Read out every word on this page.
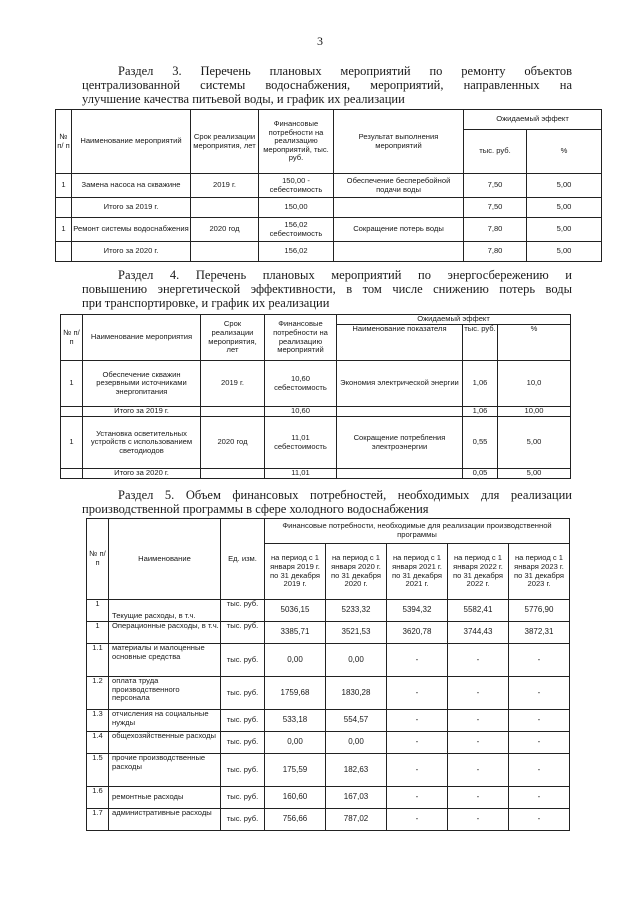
3
Раздел 3. Перечень плановых мероприятий по ремонту объектов
централизованной системы водоснабжения, мероприятий, направленных на
улучшение качества питьевой воды, и график их реализации
№ п/ п	Наименование мероприятий	Срок реализации мероприятия, лет	Финансовые потребности на реализацию мероприятий, тыс. руб.	Результат выполнения мероприятий	Ожидаемый эффект	
					тыс. руб.	%
1	Замена насоса на скважине	2019 г.	150,00 - себестоимость	Обеспечение бесперебойной подачи воды	7,50	5,00
	Итого за 2019 г.		150,00		7,50	5,00
1	Ремонт системы водоснабжения	2020 год	156,02 себестоимость	Сокращение потерь воды	7,80	5,00
	Итого за 2020 г.		156,02		7,80	5,00
Раздел 4. Перечень плановых мероприятий по энергосбережению и
повышению энергетической эффективности, в том числе снижению потерь воды
при транспортировке, и график их реализации
№ п/п	Наименование мероприятия	Срок реализации мероприятия, лет	Финансовые потребности на реализацию мероприятий	Ожидаемый эффект		
				Наименование показателя	тыс. руб.	%
1	Обеспечение скважин резервными источниками энергопитания	2019 г.	10,60 себестоимость	Экономия электрической энергии	1,06	10,0
	Итого за 2019 г.		10,60		1,06	10,00
1	Установка осветительных устройств с использованием светодиодов	2020 год	11,01 себестоимость	Сокращение потребления электроэнергии	0,55	5,00
	Итого за 2020 г.		11,01		0,05	5,00
Раздел 5. Объем финансовых потребностей, необходимых для реализации
производственной программы в сфере холодного водоснабжения
№ п/п	Наименование	Ед. изм.	Финансовые потребности, необходимые для реализации производственной программы				
			на период с 1 января 2019 г. по 31 декабря 2019 г.	на период с 1 января 2020 г. по 31 декабря 2020 г.	на период с 1 января 2021 г. по 31 декабря 2021 г.	на период с 1 января 2022 г. по 31 декабря 2022 г.	на период с 1 января 2023 г. по 31 декабря 2023 г.
1	Текущие расходы, в т.ч.	тыс. руб.	5036,15	5233,32	5394,32	5582,41	5776,90
1	Операционные расходы, в т.ч.	тыс. руб.	3385,71	3521,53	3620,78	3744,43	3872,31
1.1	материалы и малоценные основные средства	тыс. руб.	0,00	0,00	-	-	-
1.2	оплата труда производственного персонала	тыс. руб.	1759,68	1830,28	-	-	-
1.3	отчисления на социальные нужды	тыс. руб.	533,18	554,57	-	-	-
1.4	общехозяйственные расходы	тыс. руб.	0,00	0,00	-	-	-
1.5	прочие производственные расходы	тыс. руб.	175,59	182,63	-	-	-
1.6	ремонтные расходы	тыс. руб.	160,60	167,03	-	-	-
1.7	административные расходы	тыс. руб.	756,66	787,02	-	-	-
